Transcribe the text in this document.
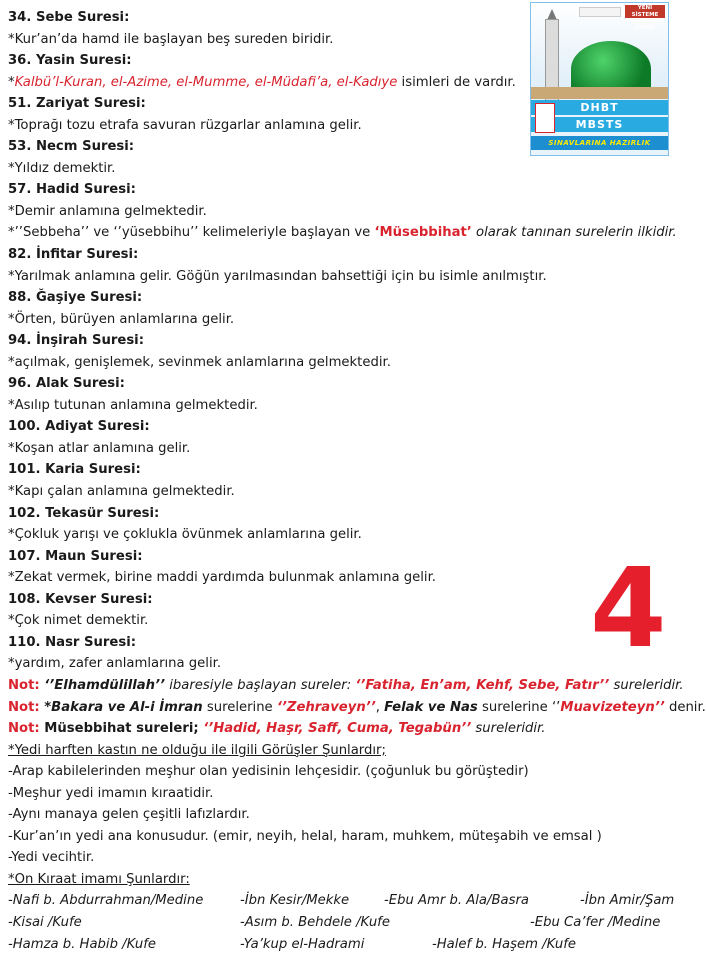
YENİ SİSTEME UYGUN TEST KİTABI
DHBT
MBSTS
SINAVLARINA HAZIRLIK
4
34. Sebe Suresi:
*Kur’an’da hamd ile başlayan beş sureden biridir.
36. Yasin Suresi:
*Kalbü’l-Kuran, el-Azime, el-Mumme, el-Müdafi’a, el-Kadıye isimleri de vardır.
51. Zariyat Suresi:
*Toprağı tozu etrafa savuran rüzgarlar anlamına gelir.
53. Necm Suresi:
*Yıldız demektir.
57. Hadid Suresi:
*Demir anlamına gelmektedir.
*’’Sebbeha’’ ve ‘’yüsebbihu’’ kelimeleriyle başlayan ve ‘Müsebbihat’ olarak tanınan surelerin ilkidir.
82. İnfitar Suresi:
*Yarılmak anlamına gelir. Göğün yarılmasından bahsettiği için bu isimle anılmıştır.
88. Ğaşiye Suresi:
*Örten, bürüyen anlamlarına gelir.
94. İnşirah Suresi:
*açılmak, genişlemek, sevinmek anlamlarına gelmektedir.
96. Alak Suresi:
*Asılıp tutunan anlamına gelmektedir.
100. Adiyat Suresi:
*Koşan atlar anlamına gelir.
101. Karia Suresi:
*Kapı çalan anlamına gelmektedir.
102. Tekasür Suresi:
*Çokluk yarışı ve çoklukla övünmek anlamlarına gelir.
107. Maun Suresi:
*Zekat vermek, birine maddi yardımda bulunmak anlamına gelir.
108. Kevser Suresi:
*Çok nimet demektir.
110. Nasr Suresi:
*yardım, zafer anlamlarına gelir.
Not: ‘’Elhamdülillah’’ ibaresiyle başlayan sureler: ‘’Fatiha, En’am, Kehf, Sebe, Fatır’’ sureleridir.
Not: *Bakara ve Al-i İmran surelerine ‘’Zehraveyn’’, Felak ve Nas surelerine ‘’Muavizeteyn’’ denir.
Not: Müsebbihat sureleri; ‘’Hadid, Haşr, Saff, Cuma, Tegabün’’ sureleridir.
*Yedi harften kastın ne olduğu ile ilgili Görüşler Şunlardır;
-Arap kabilelerinden meşhur olan yedisinin lehçesidir. (çoğunluk bu görüştedir)
-Meşhur yedi imamın kıraatidir.
-Aynı manaya gelen çeşitli lafızlardır.
-Kur’an’ın yedi ana konusudur. (emir, neyih, helal, haram, muhkem, müteşabih ve emsal )
-Yedi vecihtir.
*On Kıraat imamı Şunlardır:
-Nafi b. Abdurrahman/Medine	-İbn Kesir/Mekke	-Ebu Amr b. Ala/Basra	-İbn Amir/Şam
-Kisai /Kufe	-Asım b. Behdele /Kufe	-Ebu Ca’fer /Medine
-Hamza b. Habib /Kufe	-Ya’kup el-Hadrami	-Halef b. Haşem /Kufe
